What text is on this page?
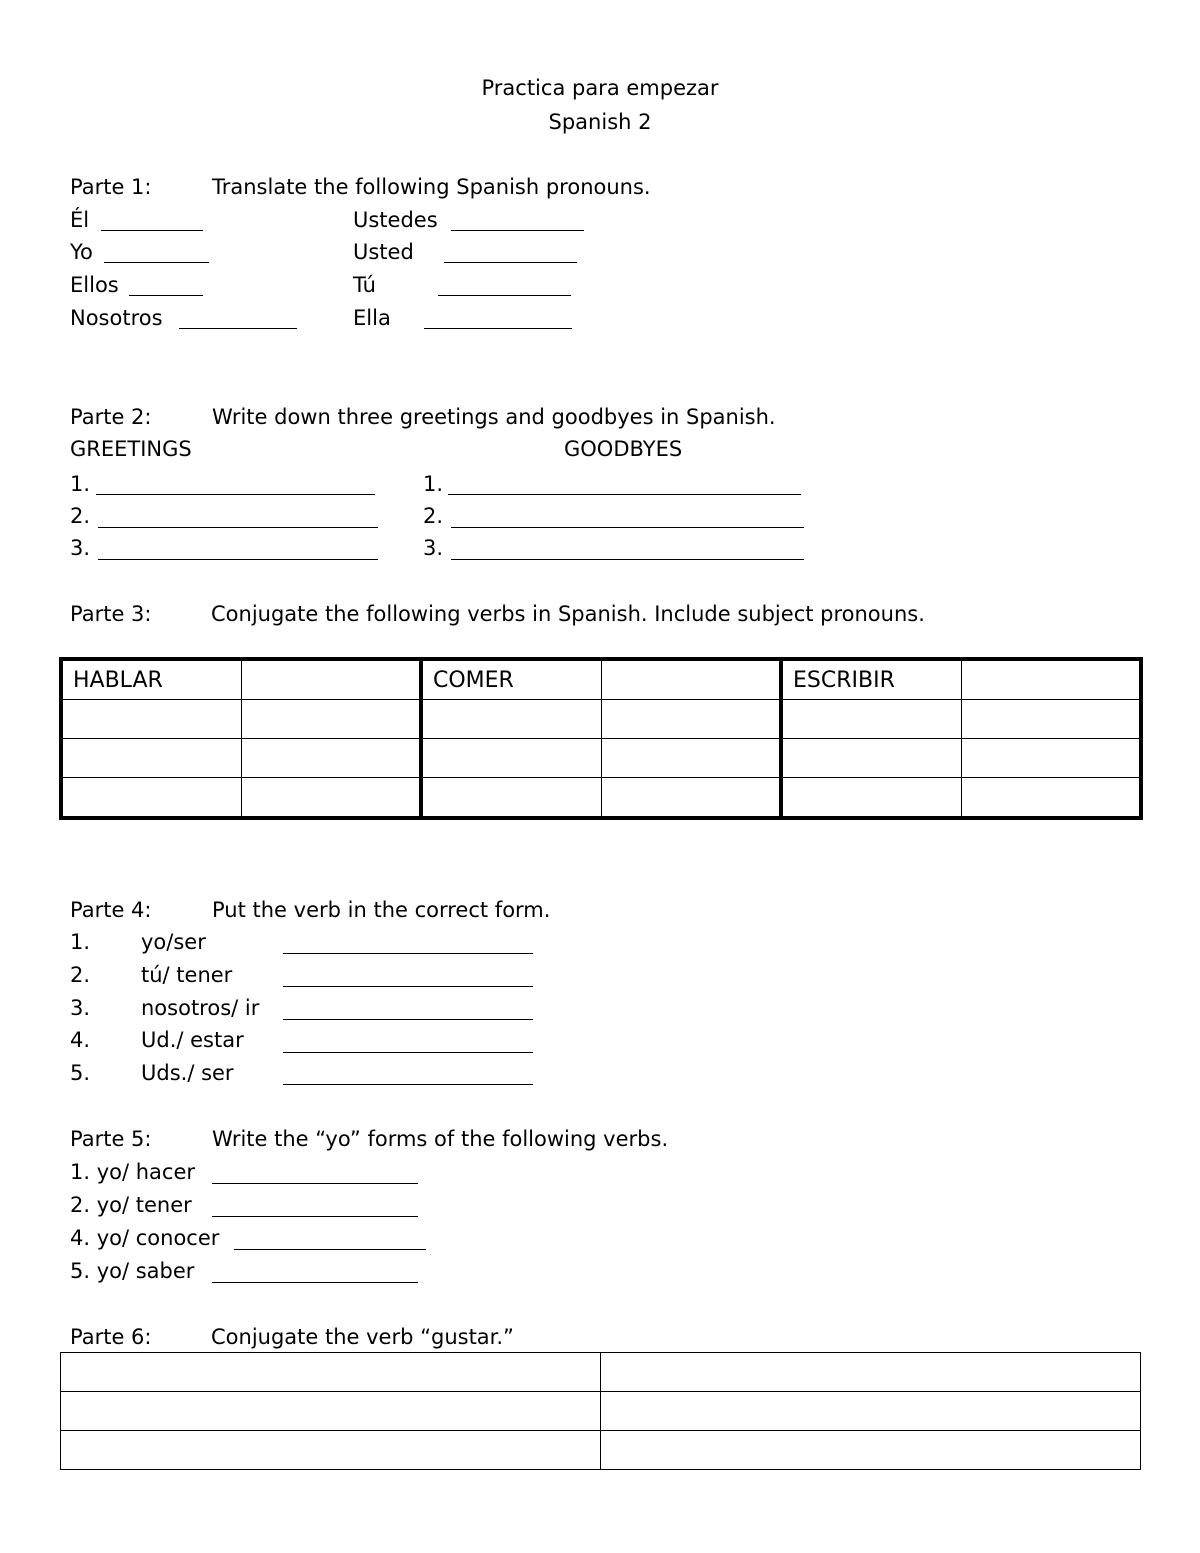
Practica para empezar
Spanish 2
Parte 1:	Translate the following Spanish pronouns.
Él
Yo
Ellos
Nosotros
Ustedes
Usted
Tú
Ella
Parte 2:	Write down three greetings and goodbyes in Spanish.
GREETINGS	GOODBYES
1.
2.
3.
1.
2.
3.
Parte 3:	Conjugate the following verbs in Spanish. Include subject pronouns.
HABLAR		COMER		ESCRIBIR	

Parte 4:	Put the verb in the correct form.
1. yo/ser
2. tú/ tener
3. nosotros/ ir
4. Ud./ estar
5. Uds./ ser
Parte 5:	Write the “yo” forms of the following verbs.
1. yo/ hacer
2. yo/ tener
4. yo/ conocer
5. yo/ saber
Parte 6:	Conjugate the verb “gustar.”
